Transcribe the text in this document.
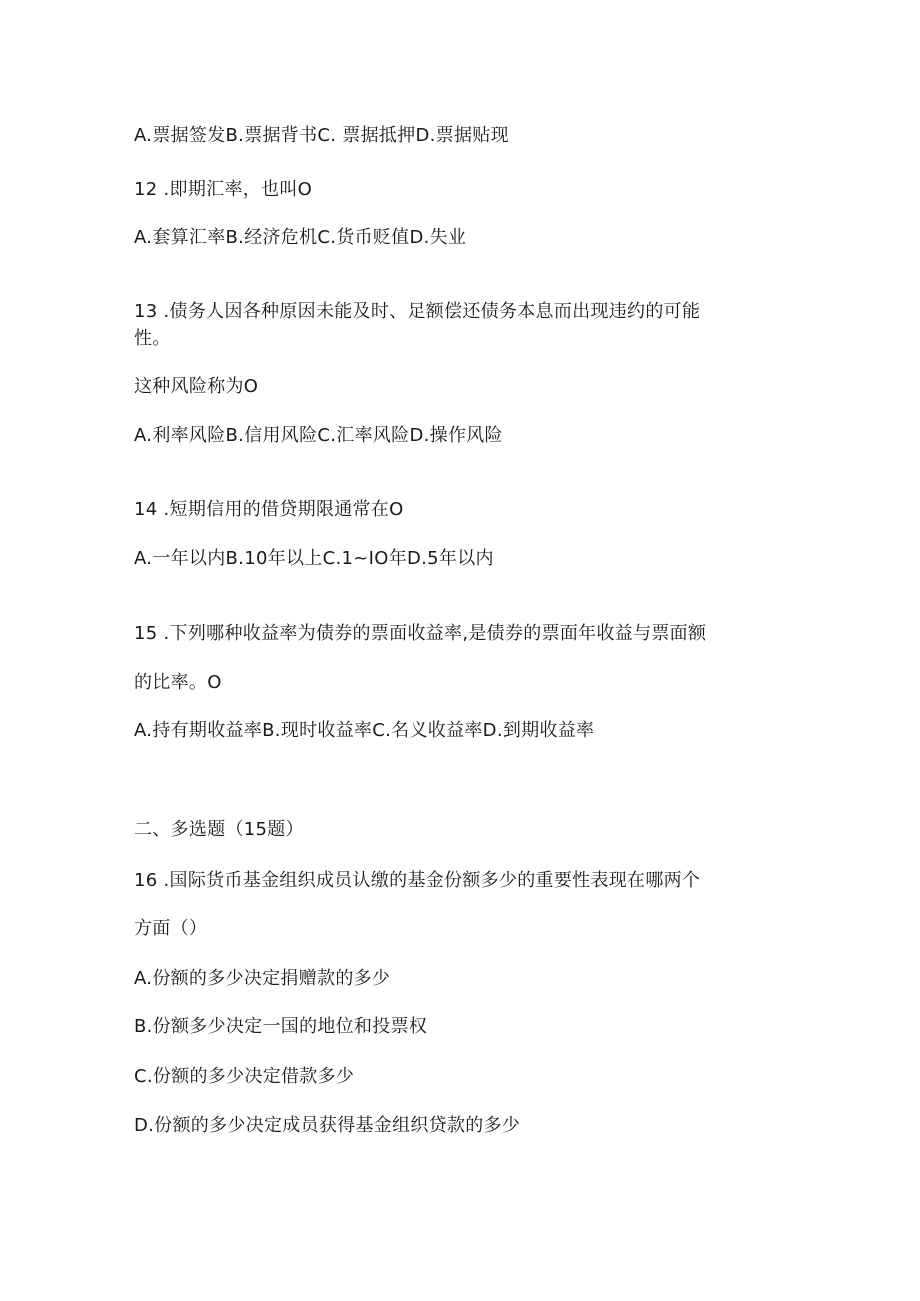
A.票据签发B.票据背书C. 票据抵押D.票据贴现
12 .即期汇率，也叫O
A.套算汇率B.经济危机C.货币贬值D.失业
13 .债务人因各种原因未能及时、足额偿还债务本息而出现违约的可能
性。
这种风险称为O
A.利率风险B.信用风险C.汇率风险D.操作风险
14 .短期信用的借贷期限通常在O
A.一年以内B.10年以上C.1~IO年D.5年以内
15 .下列哪种收益率为债券的票面收益率,是债券的票面年收益与票面额
的比率。O
A.持有期收益率B.现时收益率C.名义收益率D.到期收益率
二、多选题（15题）
16 .国际货币基金组织成员认缴的基金份额多少的重要性表现在哪两个
方面（）
A.份额的多少决定捐赠款的多少
B.份额多少决定一国的地位和投票权
C.份额的多少决定借款多少
D.份额的多少决定成员获得基金组织贷款的多少
